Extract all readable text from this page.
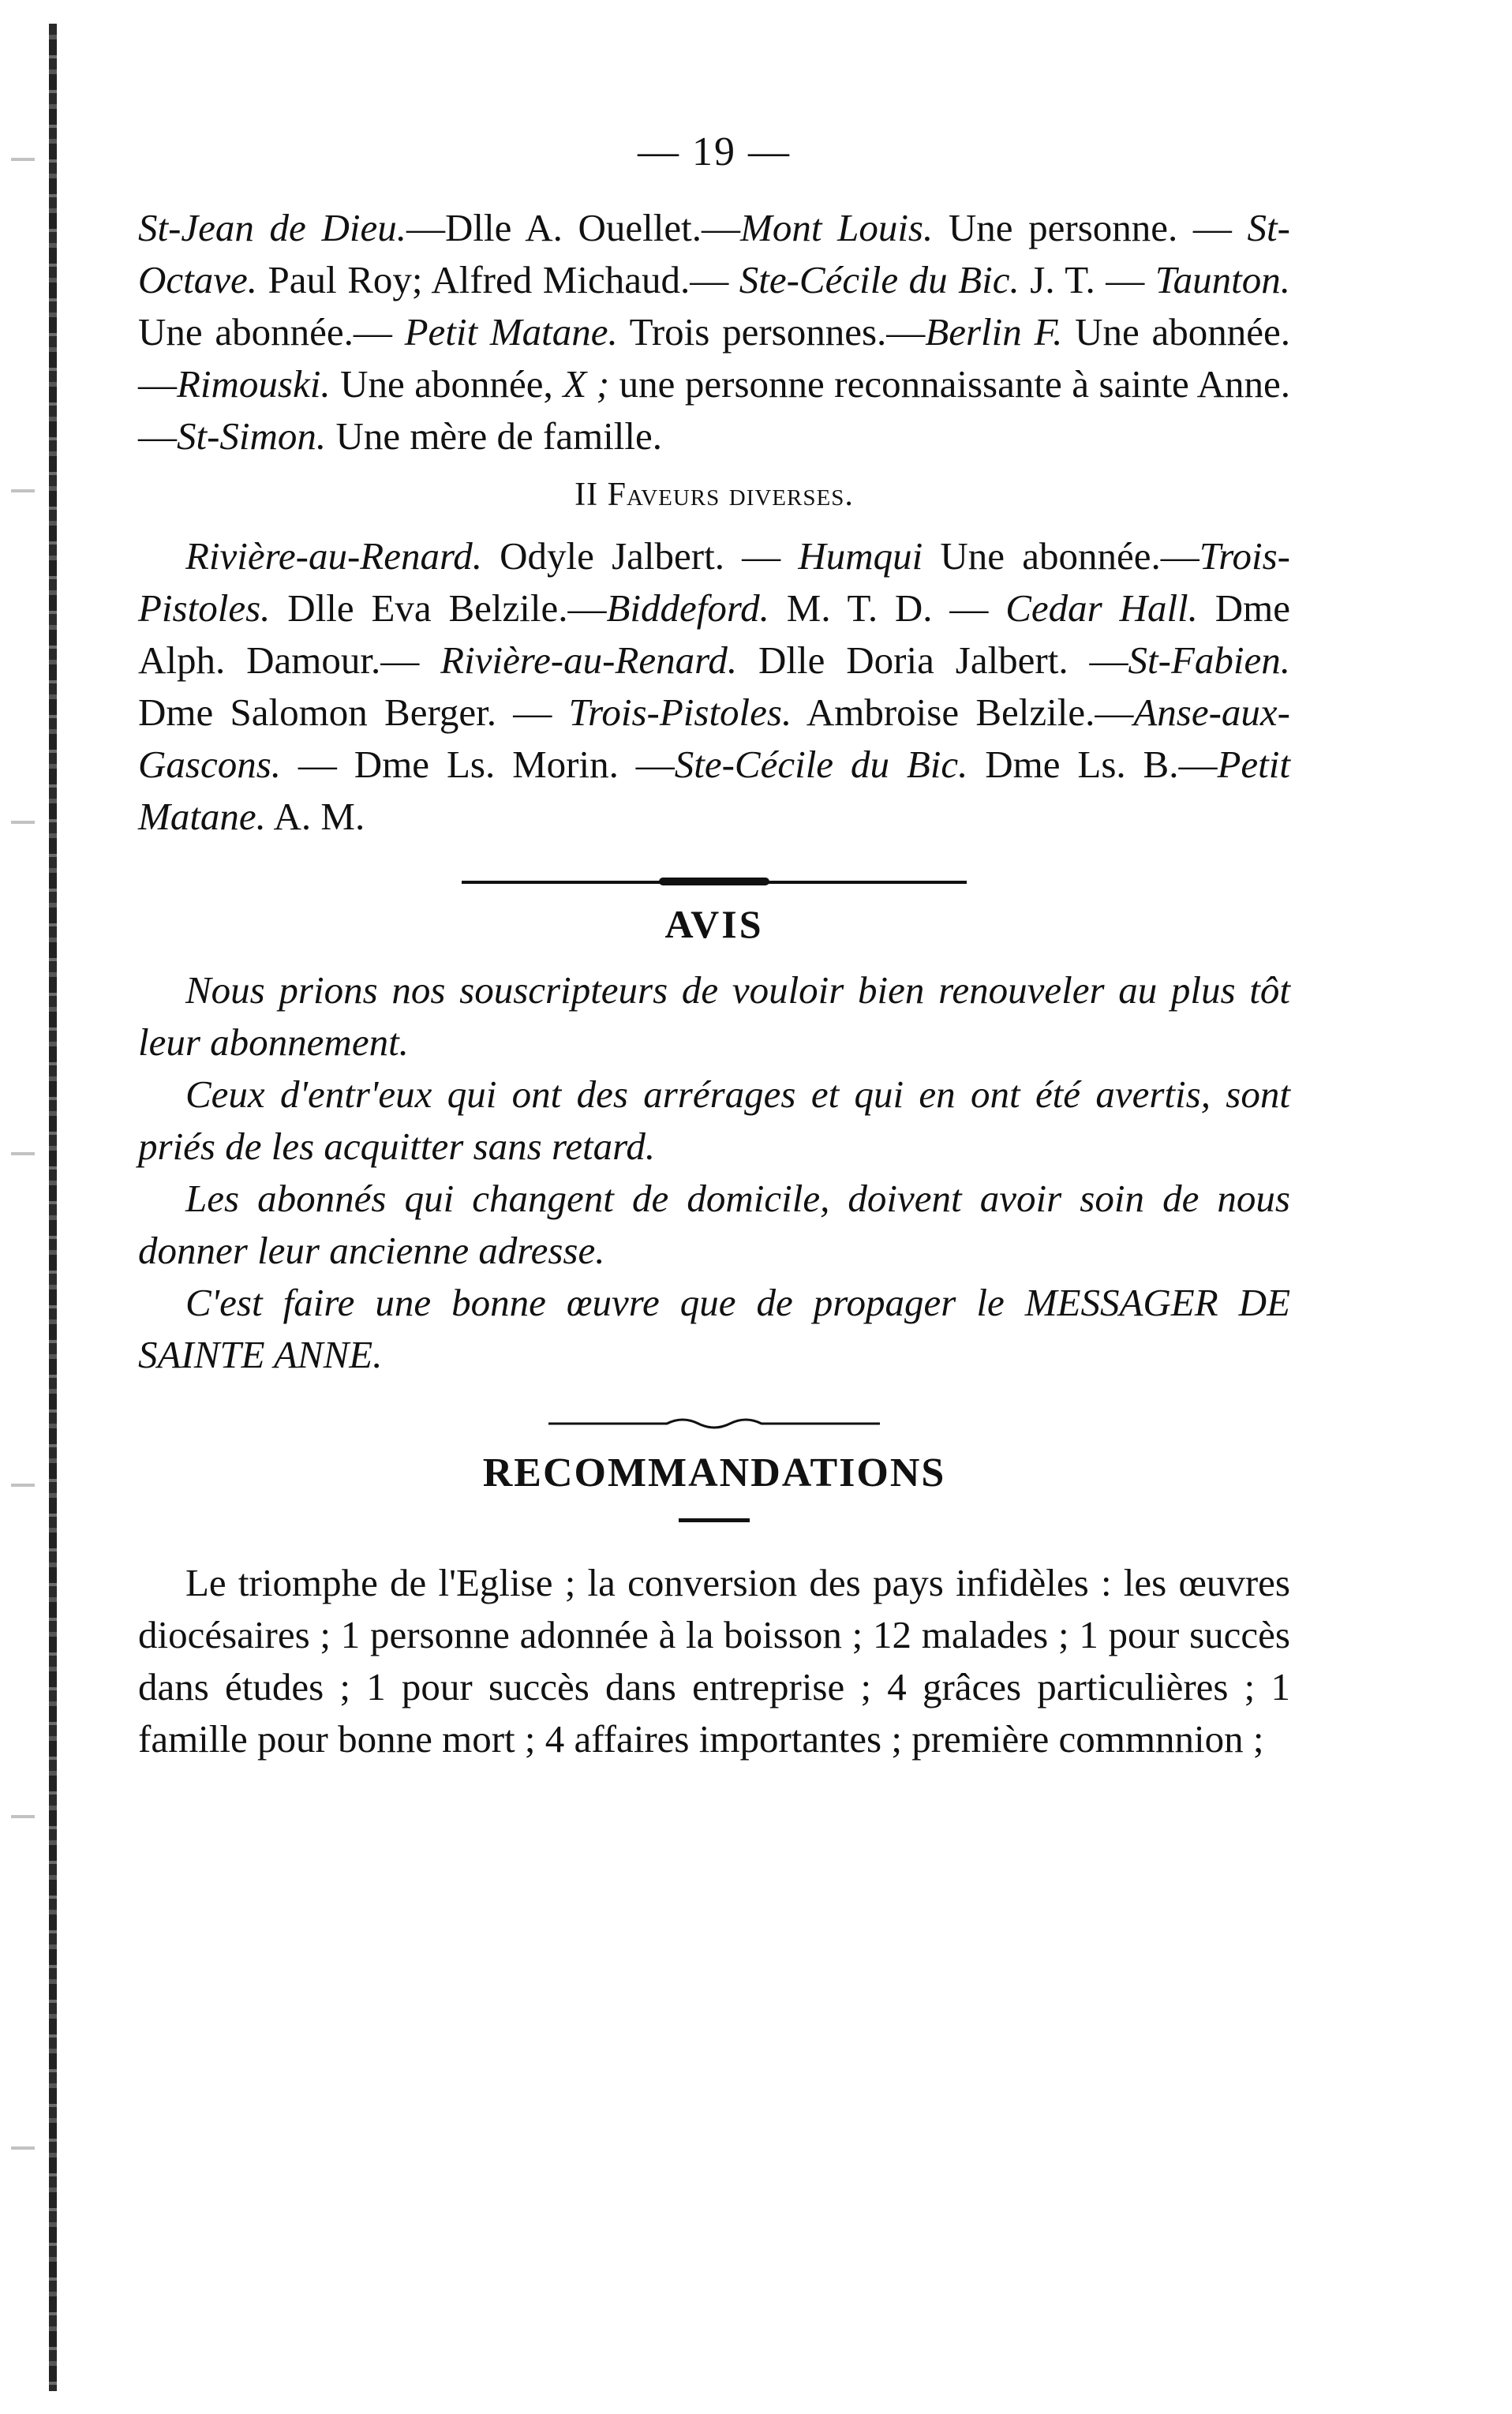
— 19 —

St-Jean de Dieu.—Dlle A. Ouellet.—Mont Louis. Une personne. — St-Octave. Paul Roy; Alfred Michaud.— Ste-Cécile du Bic. J. T. — Taunton. Une abonnée.— Petit Matane. Trois personnes.—Berlin F. Une abonnée.—Rimouski. Une abonnée, X ; une personne reconnaissante à sainte Anne. —St-Simon. Une mère de famille.

II Faveurs diverses.

Rivière-au-Renard. Odyle Jalbert. — Humqui Une abonnée.—Trois-Pistoles. Dlle Eva Belzile.—Biddeford. M. T. D. — Cedar Hall. Dme Alph. Damour.— Rivière-au-Renard. Dlle Doria Jalbert. —St-Fabien. Dme Salomon Berger. — Trois-Pistoles. Ambroise Belzile.—Anse-aux-Gascons. — Dme Ls. Morin. —Ste-Cécile du Bic. Dme Ls. B.—Petit Matane. A. M.

AVIS

Nous prions nos souscripteurs de vouloir bien renouveler au plus tôt leur abonnement.

Ceux d'entr'eux qui ont des arrérages et qui en ont été avertis, sont priés de les acquitter sans retard.

Les abonnés qui changent de domicile, doivent avoir soin de nous donner leur ancienne adresse.

C'est faire une bonne œuvre que de propager le MESSAGER DE SAINTE ANNE.

RECOMMANDATIONS

Le triomphe de l'Eglise ; la conversion des pays infidèles : les œuvres diocésaires ; 1 personne adonnée à la boisson ; 12 malades ; 1 pour succès dans études ; 1 pour succès dans entreprise ; 4 grâces particulières ; 1 famille pour bonne mort ; 4 affaires importantes ; première commnnion ;
